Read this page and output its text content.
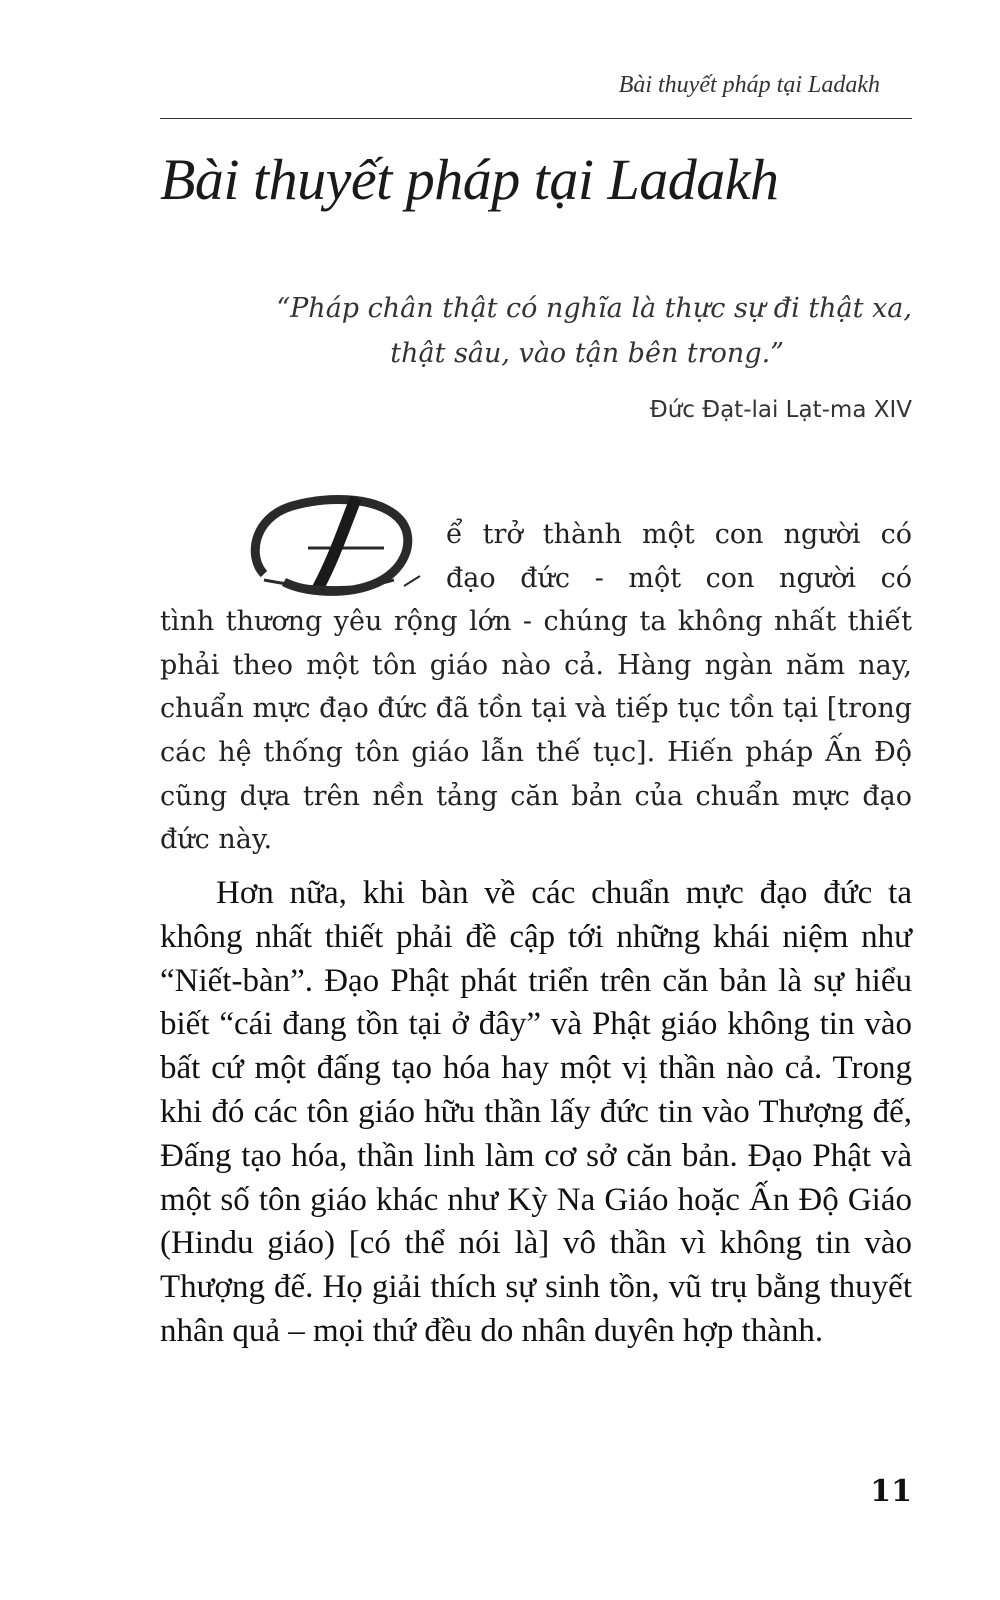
Bài thuyết pháp tại Ladakh
Bài thuyết pháp tại Ladakh
“Pháp chân thật có nghĩa là thực sự đi thật xa,
thật sâu, vào tận bên trong.”
Đức Đạt-lai Lạt-ma XIV
ể trở thành một con người có
đạo đức - một con người có
tình thương yêu rộng lớn - chúng ta không nhất thiết phải theo một tôn giáo nào cả. Hàng ngàn năm nay, chuẩn mực đạo đức đã tồn tại và tiếp tục tồn tại [trong các hệ thống tôn giáo lẫn thế tục]. Hiến pháp Ấn Độ cũng dựa trên nền tảng căn bản của chuẩn mực đạo đức này.
Hơn nữa, khi bàn về các chuẩn mực đạo đức ta không nhất thiết phải đề cập tới những khái niệm như “Niết-bàn”. Đạo Phật phát triển trên căn bản là sự hiểu biết “cái đang tồn tại ở đây” và Phật giáo không tin vào bất cứ một đấng tạo hóa hay một vị thần nào cả. Trong khi đó các tôn giáo hữu thần lấy đức tin vào Thượng đế, Đấng tạo hóa, thần linh làm cơ sở căn bản. Đạo Phật và một số tôn giáo khác như Kỳ Na Giáo hoặc Ấn Độ Giáo (Hindu giáo) [có thể nói là] vô thần vì không tin vào Thượng đế. Họ giải thích sự sinh tồn, vũ trụ bằng thuyết nhân quả – mọi thứ đều do nhân duyên hợp thành.
11
